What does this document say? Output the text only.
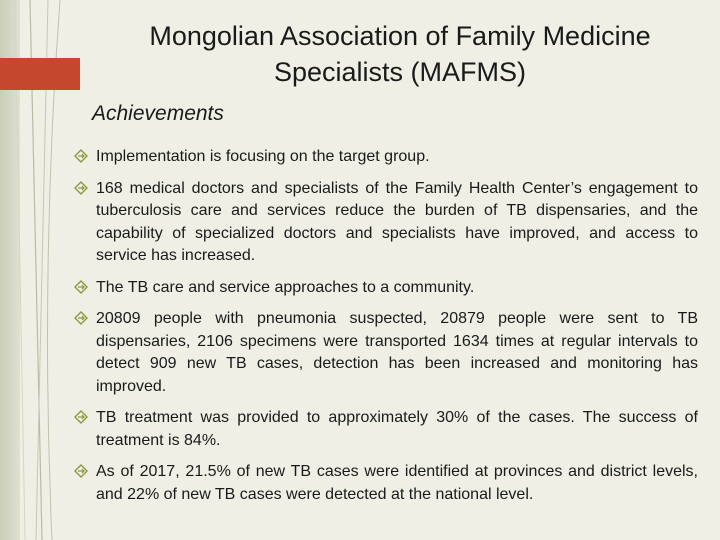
Mongolian Association of Family Medicine
Specialists (MAFMS)
Achievements
Implementation is focusing on the target group.
168 medical doctors and specialists of the Family Health Center’s engagement to tuberculosis care and services reduce the burden of TB dispensaries, and the capability of specialized doctors and specialists have improved, and access to service has increased.
The TB care and service approaches to a community.
20809 people with pneumonia suspected, 20879 people were sent to TB dispensaries, 2106 specimens were transported 1634 times at regular intervals to detect 909 new TB cases, detection has been increased and monitoring has improved.
TB treatment was provided to approximately 30% of the cases. The success of treatment is 84%.
As of 2017, 21.5% of new TB cases were identified at provinces and district levels, and 22% of new TB cases were detected at the national level.
